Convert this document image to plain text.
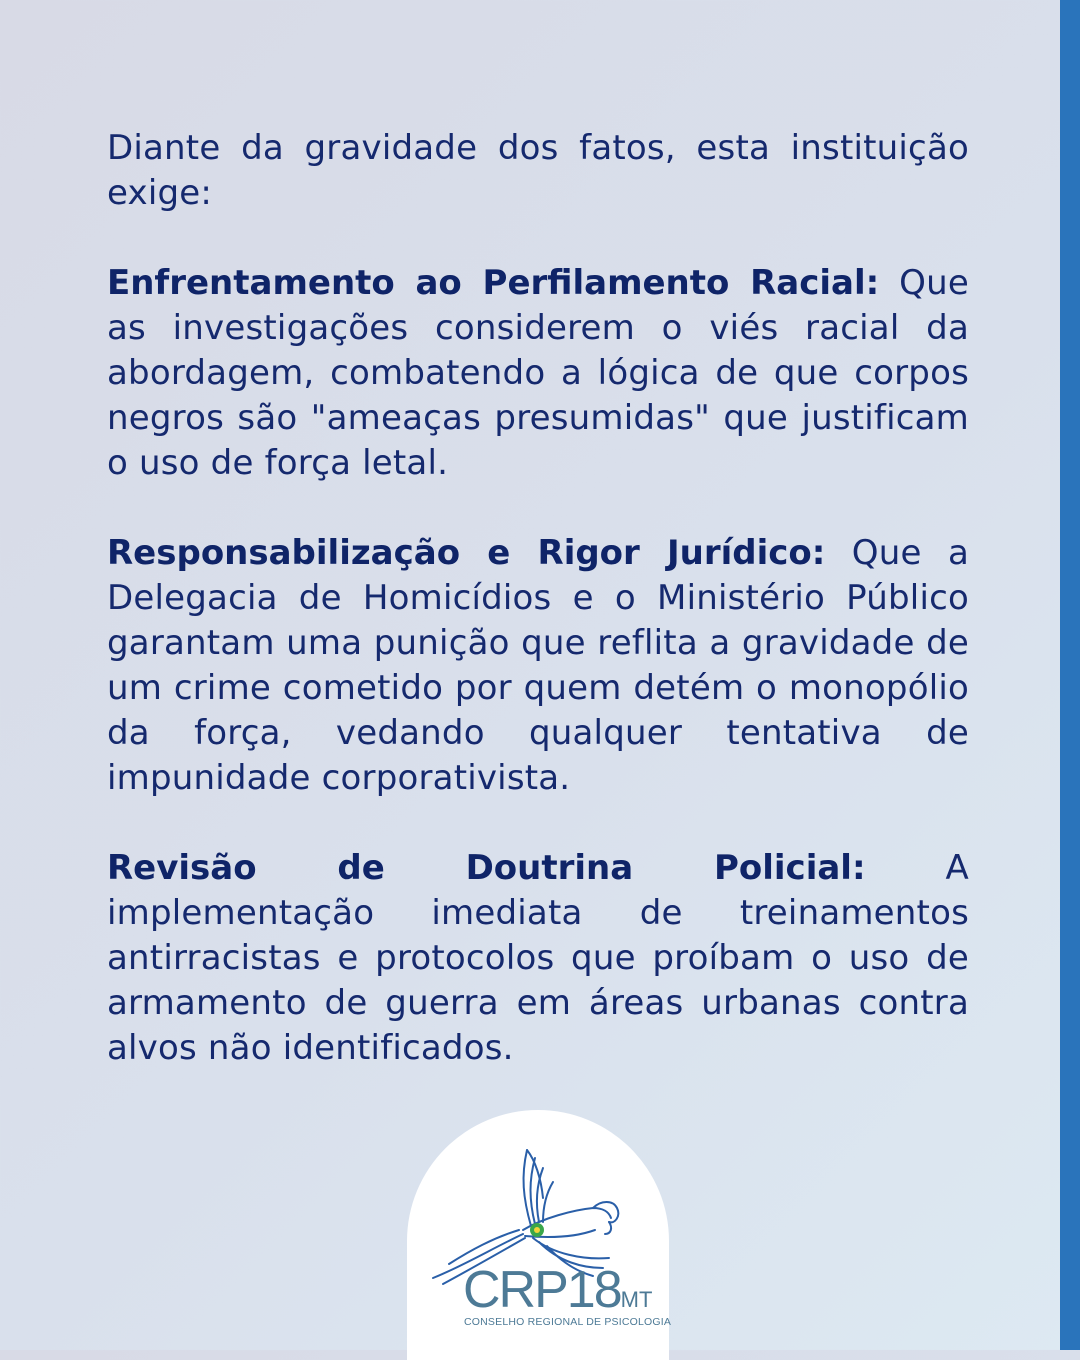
Diante da gravidade dos fatos, esta instituição exige:

Enfrentamento ao Perfilamento Racial: Que as investigações considerem o viés racial da abordagem, combatendo a lógica de que corpos negros são "ameaças presumidas" que justificam o uso de força letal.

Responsabilização e Rigor Jurídico: Que a Delegacia de Homicídios e o Ministério Público garantam uma punição que reflita a gravidade de um crime cometido por quem detém o monopólio da força, vedando qualquer tentativa de impunidade corporativista.

Revisão de Doutrina Policial: A implementação imediata de treinamentos antirracistas e protocolos que proíbam o uso de armamento de guerra em áreas urbanas contra alvos não identificados.

CRP18MT
CONSELHO REGIONAL DE PSICOLOGIA
